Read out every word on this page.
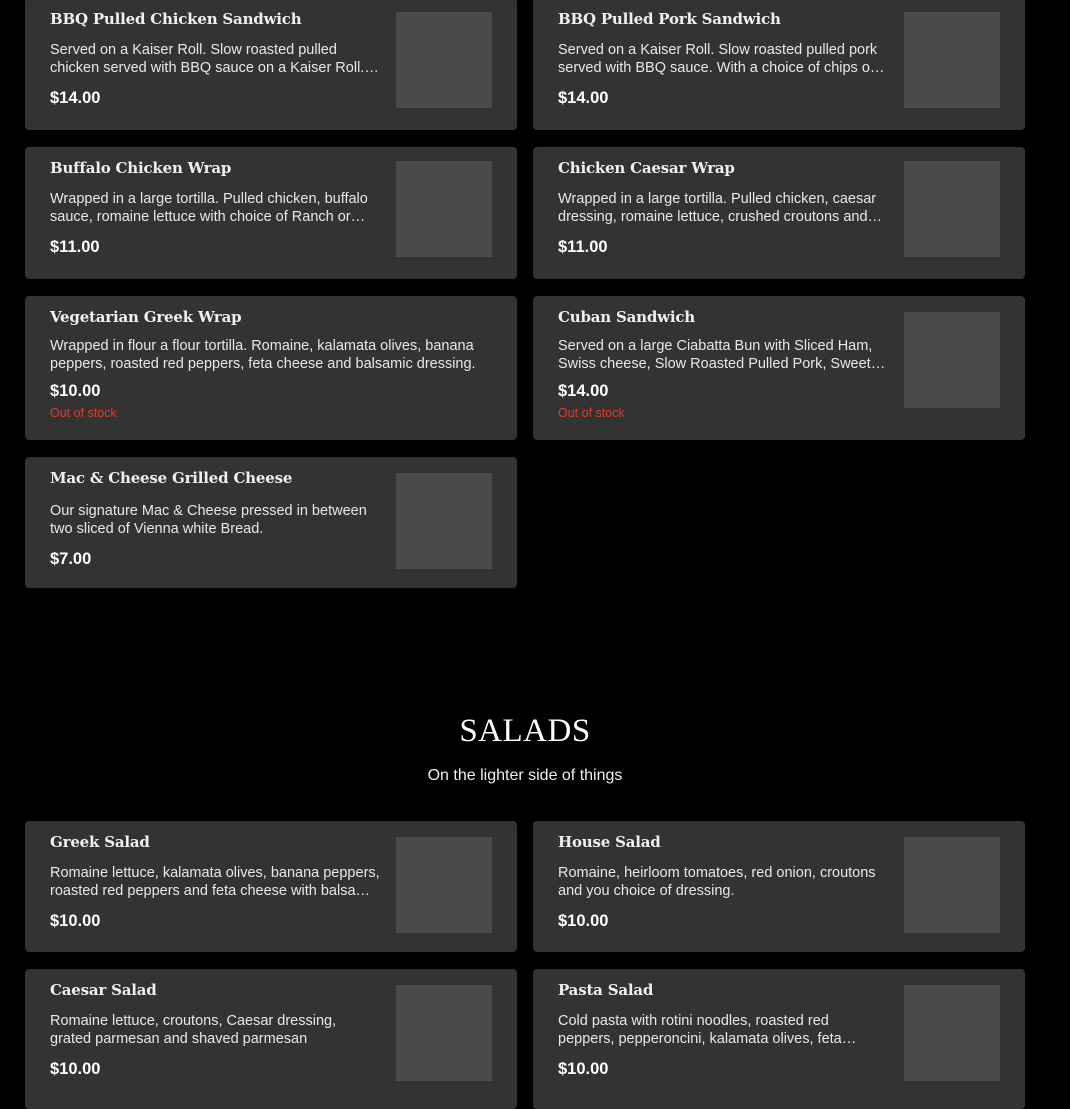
BBQ Pulled Chicken Sandwich
Served on a Kaiser Roll. Slow roasted pulled chicken served with BBQ sauce on a Kaiser Roll.
$14.00
BBQ Pulled Pork Sandwich
Served on a Kaiser Roll. Slow roasted pulled pork served with BBQ sauce. With a choice of chips or
$14.00
Buffalo Chicken Wrap
Wrapped in a large tortilla. Pulled chicken, buffalo sauce, romaine lettuce with choice of Ranch or
$11.00
Chicken Caesar Wrap
Wrapped in a large tortilla. Pulled chicken, caesar dressing, romaine lettuce, crushed croutons and
$11.00
Vegetarian Greek Wrap
Wrapped in flour a flour tortilla. Romaine, kalamata olives, banana peppers, roasted red peppers, feta cheese and balsamic dressing.
$10.00
Out of stock
Cuban Sandwich
Served on a large Ciabatta Bun with Sliced Ham, Swiss cheese, Slow Roasted Pulled Pork, Sweet
$14.00
Out of stock
Mac & Cheese Grilled Cheese
Our signature Mac & Cheese pressed in between two sliced of Vienna white Bread.
$7.00
SALADS
On the lighter side of things
Greek Salad
Romaine lettuce, kalamata olives, banana peppers, roasted red peppers and feta cheese with balsamic
$10.00
House Salad
Romaine, heirloom tomatoes, red onion, croutons and you choice of dressing.
$10.00
Caesar Salad
Romaine lettuce, croutons, Caesar dressing, grated parmesan and shaved parmesan
$10.00
Pasta Salad
Cold pasta with rotini noodles, roasted red peppers, pepperoncini, kalamata olives, feta
$10.00
